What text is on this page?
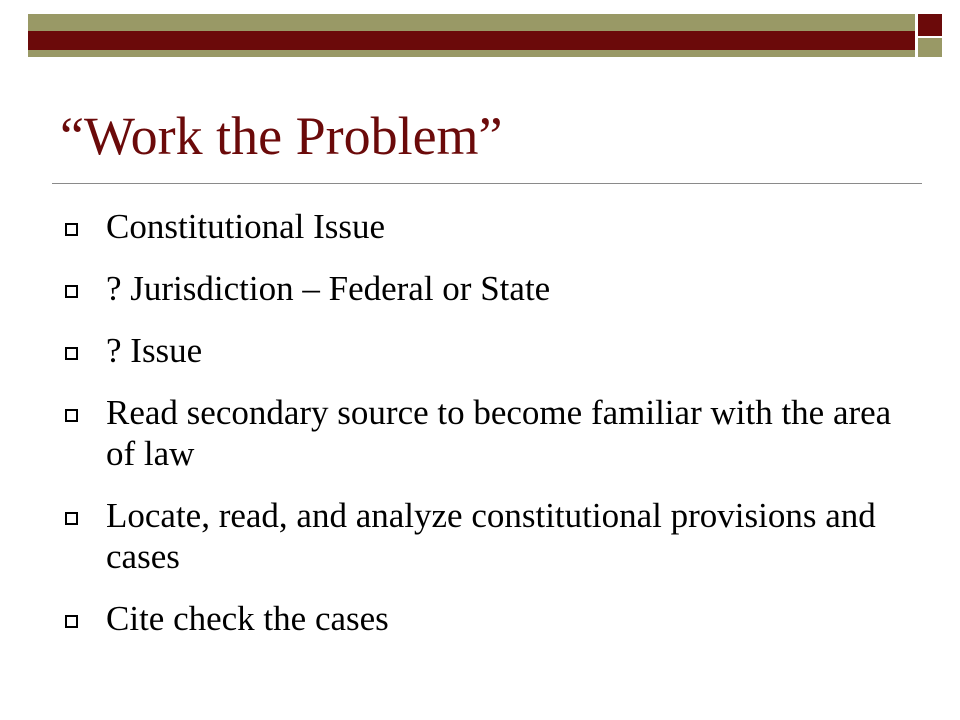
“Work the Problem”
Constitutional Issue
? Jurisdiction – Federal or State
? Issue
Read secondary source to become familiar with the area of law
Locate, read, and analyze constitutional provisions and cases
Cite check the cases
